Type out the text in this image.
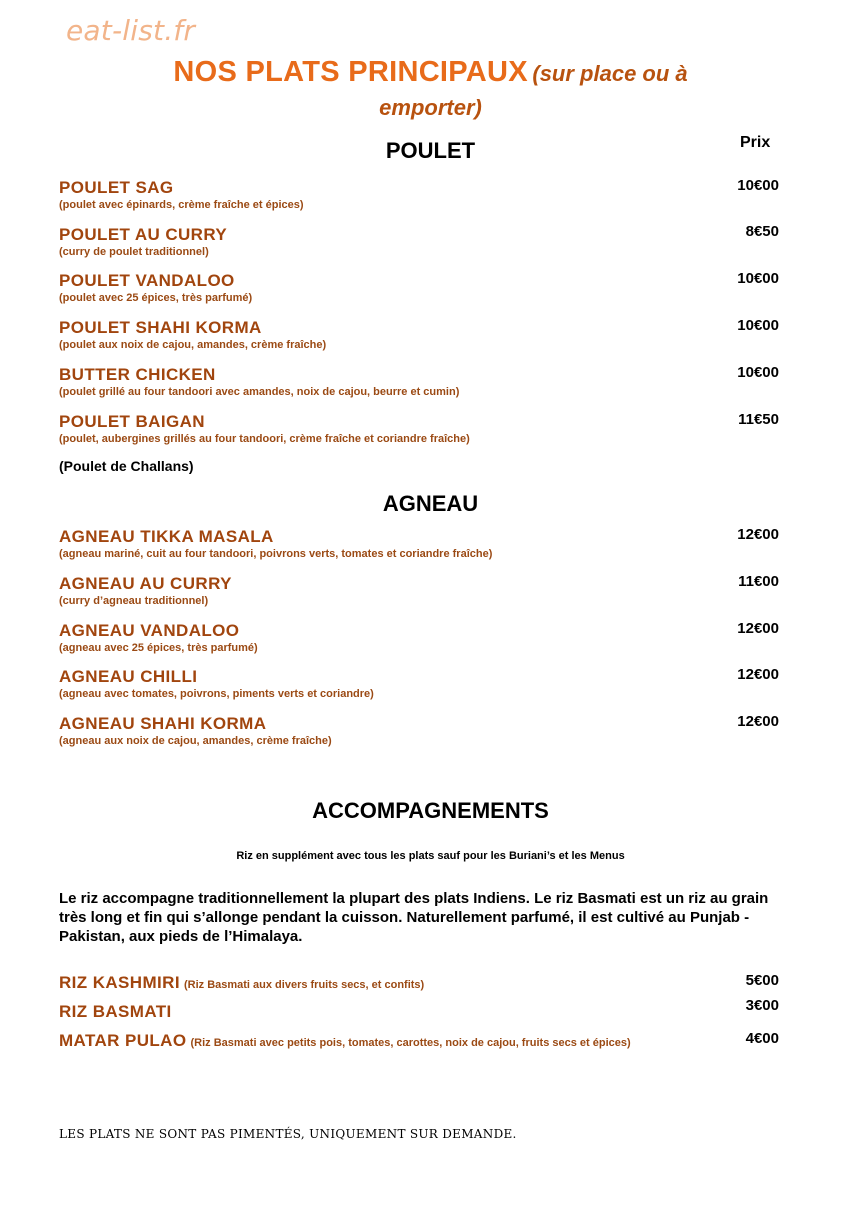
eat-list.fr
NOS PLATS PRINCIPAUX (sur place ou à
emporter)
POULET	Prix
POULET SAG
(poulet avec épinards, crème fraîche et épices)
10€00
POULET AU CURRY
(curry de poulet traditionnel)
8€50
POULET VANDALOO
(poulet avec 25 épices, très parfumé)
10€00
POULET SHAHI KORMA
(poulet aux noix de cajou, amandes, crème fraîche)
10€00
BUTTER CHICKEN
(poulet grillé au four tandoori avec amandes, noix de cajou, beurre et cumin)
10€00
POULET BAIGAN
(poulet, aubergines grillés au four tandoori, crème fraîche et coriandre fraîche)
11€50
(Poulet de Challans)
AGNEAU
AGNEAU TIKKA MASALA
(agneau mariné, cuit au four tandoori, poivrons verts, tomates et coriandre fraîche)
12€00
AGNEAU AU CURRY
(curry d’agneau traditionnel)
11€00
AGNEAU VANDALOO
(agneau avec 25 épices, très parfumé)
12€00
AGNEAU CHILLI
(agneau avec tomates, poivrons, piments verts et coriandre)
12€00
AGNEAU SHAHI KORMA
(agneau aux noix de cajou, amandes, crème fraîche)
12€00
ACCOMPAGNEMENTS
Riz en supplément avec tous les plats sauf pour les Buriani’s et les Menus
Le riz accompagne traditionnellement la plupart des plats Indiens. Le riz Basmati est un riz au grain très long et fin qui s’allonge pendant la cuisson. Naturellement parfumé, il est cultivé au Punjab - Pakistan, aux pieds de l’Himalaya.
RIZ KASHMIRI (Riz Basmati aux divers fruits secs, et confits)	5€00
RIZ BASMATI	3€00
MATAR PULAO (Riz Basmati avec petits pois, tomates, carottes, noix de cajou, fruits secs et épices)	4€00
LES PLATS NE SONT PAS PIMENTÉS, UNIQUEMENT SUR DEMANDE.
